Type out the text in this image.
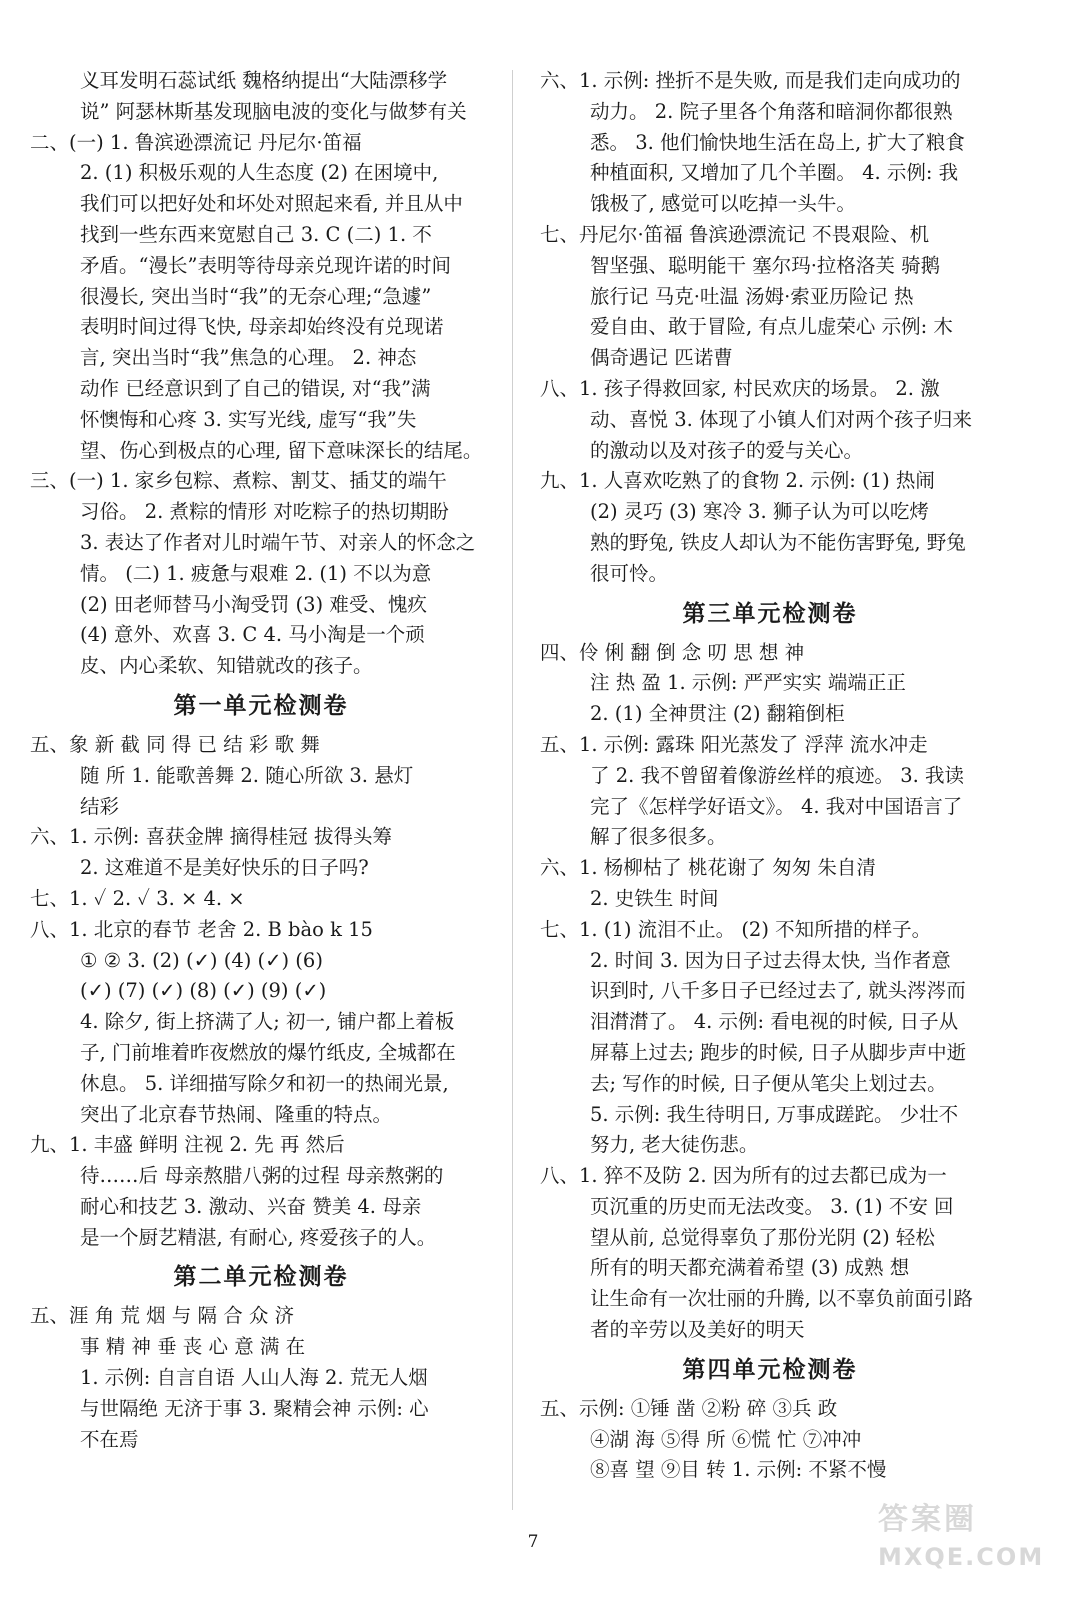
义耳发明石蕊试纸 魏格纳提出“大陆漂移学
说” 阿瑟林斯基发现脑电波的变化与做梦有关
二、(一) 1. 鲁滨逊漂流记 丹尼尔·笛福
2. (1) 积极乐观的人生态度 (2) 在困境中,
我们可以把好处和坏处对照起来看, 并且从中
找到一些东西来宽慰自己 3. C (二) 1. 不
矛盾。“漫长”表明等待母亲兑现许诺的时间
很漫长, 突出当时“我”的无奈心理;“急遽”
表明时间过得飞快, 母亲却始终没有兑现诺
言, 突出当时“我”焦急的心理。 2. 神态
动作 已经意识到了自己的错误, 对“我”满
怀懊悔和心疼 3. 实写光线, 虚写“我”失
望、伤心到极点的心理, 留下意味深长的结尾。
三、(一) 1. 家乡包粽、煮粽、割艾、插艾的端午
习俗。 2. 煮粽的情形 对吃粽子的热切期盼
3. 表达了作者对儿时端午节、对亲人的怀念之
情。 (二) 1. 疲惫与艰难 2. (1) 不以为意
(2) 田老师替马小淘受罚 (3) 难受、愧疚
(4) 意外、欢喜 3. C 4. 马小淘是一个顽
皮、内心柔软、知错就改的孩子。
第一单元检测卷
五、象 新 截 同 得 已 结 彩 歌 舞
随 所 1. 能歌善舞 2. 随心所欲 3. 悬灯
结彩
六、1. 示例: 喜获金牌 摘得桂冠 拔得头筹
2. 这难道不是美好快乐的日子吗?
七、1. ✓ 2. ✓ 3. × 4. ×
八、1. 北京的春节 老舍 2. B bào k 15
① ② 3. (2) (✓) (4) (✓) (6)
(✓) (7) (✓) (8) (✓) (9) (✓)
4. 除夕, 街上挤满了人; 初一, 铺户都上着板
子, 门前堆着昨夜燃放的爆竹纸皮, 全城都在
休息。 5. 详细描写除夕和初一的热闹光景,
突出了北京春节热闹、隆重的特点。
九、1. 丰盛 鲜明 注视 2. 先 再 然后
待……后 母亲熬腊八粥的过程 母亲熬粥的
耐心和技艺 3. 激动、兴奋 赞美 4. 母亲
是一个厨艺精湛, 有耐心, 疼爱孩子的人。
第二单元检测卷
五、涯 角 荒 烟 与 隔 合 众 济
事 精 神 垂 丧 心 意 满 在
1. 示例: 自言自语 人山人海 2. 荒无人烟
与世隔绝 无济于事 3. 聚精会神 示例: 心
不在焉
六、1. 示例: 挫折不是失败, 而是我们走向成功的
动力。 2. 院子里各个角落和暗洞你都很熟
悉。 3. 他们愉快地生活在岛上, 扩大了粮食
种植面积, 又增加了几个羊圈。 4. 示例: 我
饿极了, 感觉可以吃掉一头牛。
七、丹尼尔·笛福 鲁滨逊漂流记 不畏艰险、机
智坚强、聪明能干 塞尔玛·拉格洛芙 骑鹅
旅行记 马克·吐温 汤姆·索亚历险记 热
爱自由、敢于冒险, 有点儿虚荣心 示例: 木
偶奇遇记 匹诺曹
八、1. 孩子得救回家, 村民欢庆的场景。 2. 激
动、喜悦 3. 体现了小镇人们对两个孩子归来
的激动以及对孩子的爱与关心。
九、1. 人喜欢吃熟了的食物 2. 示例: (1) 热闹
(2) 灵巧 (3) 寒冷 3. 狮子认为可以吃烤
熟的野兔, 铁皮人却认为不能伤害野兔, 野兔
很可怜。
第三单元检测卷
四、伶 俐 翻 倒 念 叨 思 想 神
注 热 盈 1. 示例: 严严实实 端端正正
2. (1) 全神贯注 (2) 翻箱倒柜
五、1. 示例: 露珠 阳光蒸发了 浮萍 流水冲走
了 2. 我不曾留着像游丝样的痕迹。 3. 我读
完了《怎样学好语文》。 4. 我对中国语言了
解了很多很多。
六、1. 杨柳枯了 桃花谢了 匆匆 朱自清
2. 史铁生 时间
七、1. (1) 流泪不止。 (2) 不知所措的样子。
2. 时间 3. 因为日子过去得太快, 当作者意
识到时, 八千多日子已经过去了, 就头涔涔而
泪潸潸了。 4. 示例: 看电视的时候, 日子从
屏幕上过去; 跑步的时候, 日子从脚步声中逝
去; 写作的时候, 日子便从笔尖上划过去。
5. 示例: 我生待明日, 万事成蹉跎。 少壮不
努力, 老大徒伤悲。
八、1. 猝不及防 2. 因为所有的过去都已成为一
页沉重的历史而无法改变。 3. (1) 不安 回
望从前, 总觉得辜负了那份光阴 (2) 轻松
所有的明天都充满着希望 (3) 成熟 想
让生命有一次壮丽的升腾, 以不辜负前面引路
者的辛劳以及美好的明天
第四单元检测卷
五、示例: ①锤 凿 ②粉 碎 ③兵 政
④湖 海 ⑤得 所 ⑥慌 忙 ⑦冲冲
⑧喜 望 ⑨目 转 1. 示例: 不紧不慢
7
答案圈
MXQE.COM
